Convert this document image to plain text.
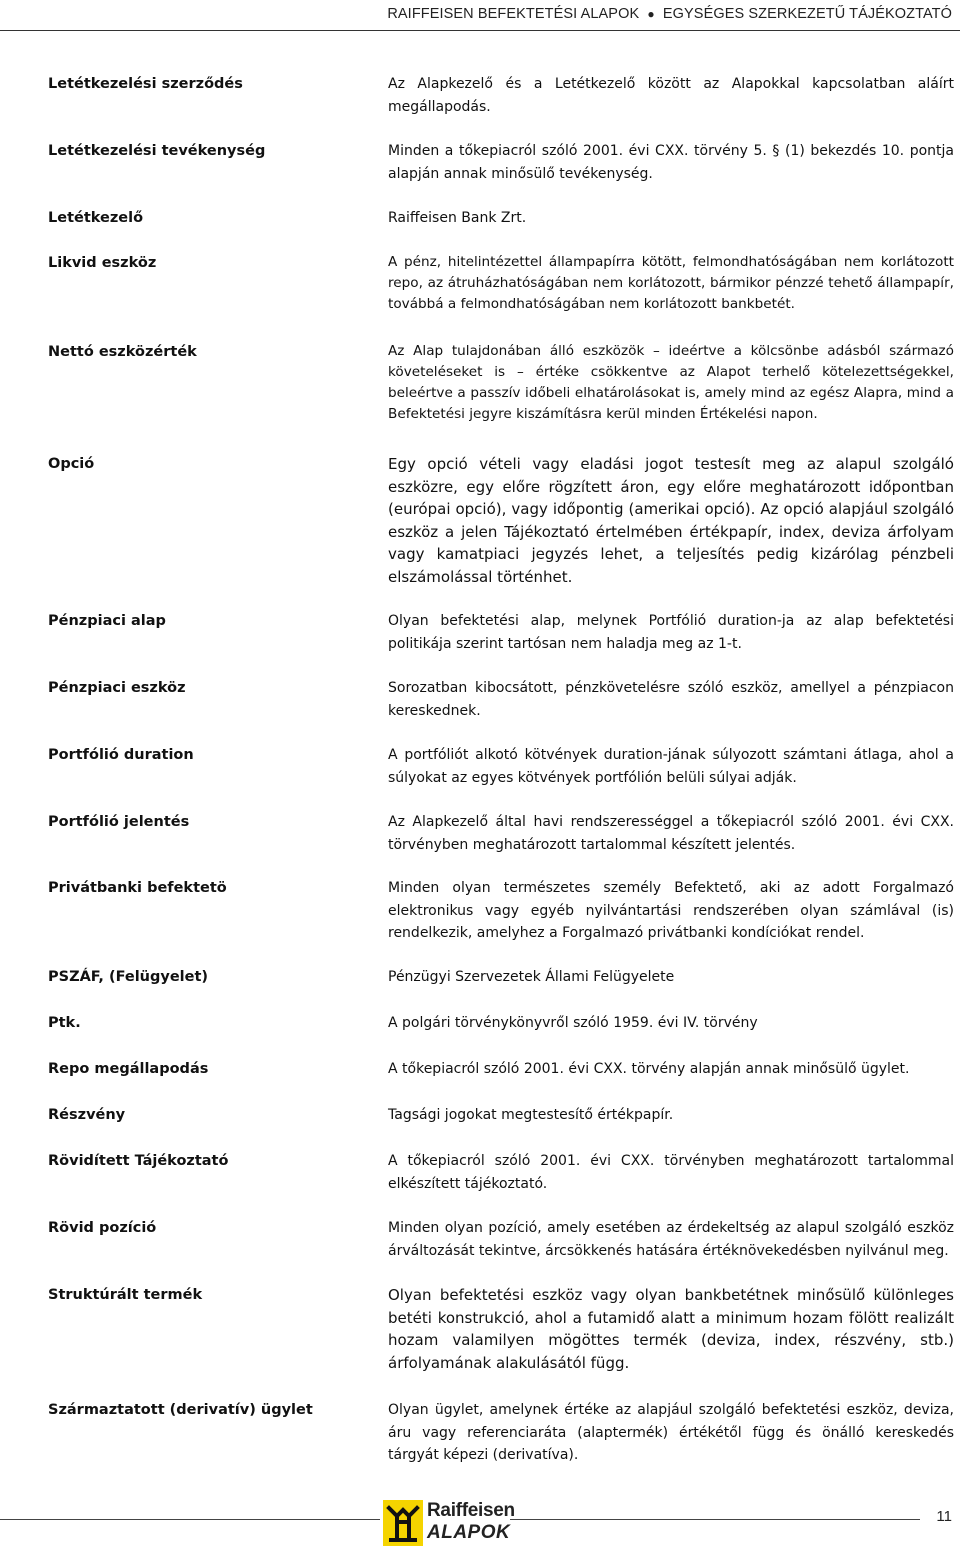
RAIFFEISEN BEFEKTETÉSI ALAPOK ● EGYSÉGES SZERKEZETŰ TÁJÉKOZTATÓ
Letétkezelési szerződés	Az Alapkezelő és a Letétkezelő között az Alapokkal kapcsolatban aláírt megállapodás.
Letétkezelési tevékenység	Minden a tőkepiacról szóló 2001. évi CXX. törvény 5. § (1) bekezdés 10. pontja alapján annak minősülő tevékenység.
Letétkezelő	Raiffeisen Bank Zrt.
Likvid eszköz	A pénz, hitelintézettel állampapírra kötött, felmondhatóságában nem korlátozott repo, az átruházhatóságában nem korlátozott, bármikor pénzzé tehető állampapír, továbbá a felmondhatóságában nem korlátozott bankbetét.
Nettó eszközérték	Az Alap tulajdonában álló eszközök – ideértve a kölcsönbe adásból származó követeléseket is – értéke csökkentve az Alapot terhelő kötelezettségekkel, beleértve a passzív időbeli elhatárolásokat is, amely mind az egész Alapra, mind a Befektetési jegyre kiszámításra kerül minden Értékelési napon.
Opció	Egy opció vételi vagy eladási jogot testesít meg az alapul szolgáló eszközre, egy előre rögzített áron, egy előre meghatározott időpontban (európai opció), vagy időpontig (amerikai opció). Az opció alapjául szolgáló eszköz a jelen Tájékoztató értelmében értékpapír, index, deviza árfolyam vagy kamatpiaci jegyzés lehet, a teljesítés pedig kizárólag pénzbeli elszámolással történhet.
Pénzpiaci alap	Olyan befektetési alap, melynek Portfólió duration-ja az alap befektetési politikája szerint tartósan nem haladja meg az 1-t.
Pénzpiaci eszköz	Sorozatban kibocsátott, pénzkövetelésre szóló eszköz, amellyel a pénzpiacon kereskednek.
Portfólió duration	A portfóliót alkotó kötvények duration-jának súlyozott számtani átlaga, ahol a súlyokat az egyes kötvények portfólión belüli súlyai adják.
Portfólió jelentés	Az Alapkezelő által havi rendszerességgel a tőkepiacról szóló 2001. évi CXX. törvényben meghatározott tartalommal készített jelentés.
Privátbanki befektetö	Minden olyan természetes személy Befektető, aki az adott Forgalmazó elektronikus vagy egyéb nyilvántartási rendszerében olyan számlával (is) rendelkezik, amelyhez a Forgalmazó privátbanki kondíciókat rendel.
PSZÁF, (Felügyelet)	Pénzügyi Szervezetek Állami Felügyelete
Ptk.	A polgári törvénykönyvről szóló 1959. évi IV. törvény
Repo megállapodás	A tőkepiacról szóló 2001. évi CXX. törvény alapján annak minősülő ügylet.
Részvény	Tagsági jogokat megtestesítő értékpapír.
Rövidített Tájékoztató	A tőkepiacról szóló 2001. évi CXX. törvényben meghatározott tartalommal elkészített tájékoztató.
Rövid pozíció	Minden olyan pozíció, amely esetében az érdekeltség az alapul szolgáló eszköz árváltozását tekintve, árcsökkenés hatására értéknövekedésben nyilvánul meg.
Struktúrált termék	Olyan befektetési eszköz vagy olyan bankbetétnek minősülő különleges betéti konstrukció, ahol a futamidő alatt a minimum hozam fölött realizált hozam valamilyen mögöttes termék (deviza, index, részvény, stb.) árfolyamának alakulásától függ.
Származtatott (derivatív) ügylet	Olyan ügylet, amelynek értéke az alapjául szolgáló befektetési eszköz, deviza, áru vagy referenciaráta (alaptermék) értékétől függ és önálló kereskedés tárgyát képezi (derivatíva).
Raiffeisen
ALAPOK
11
